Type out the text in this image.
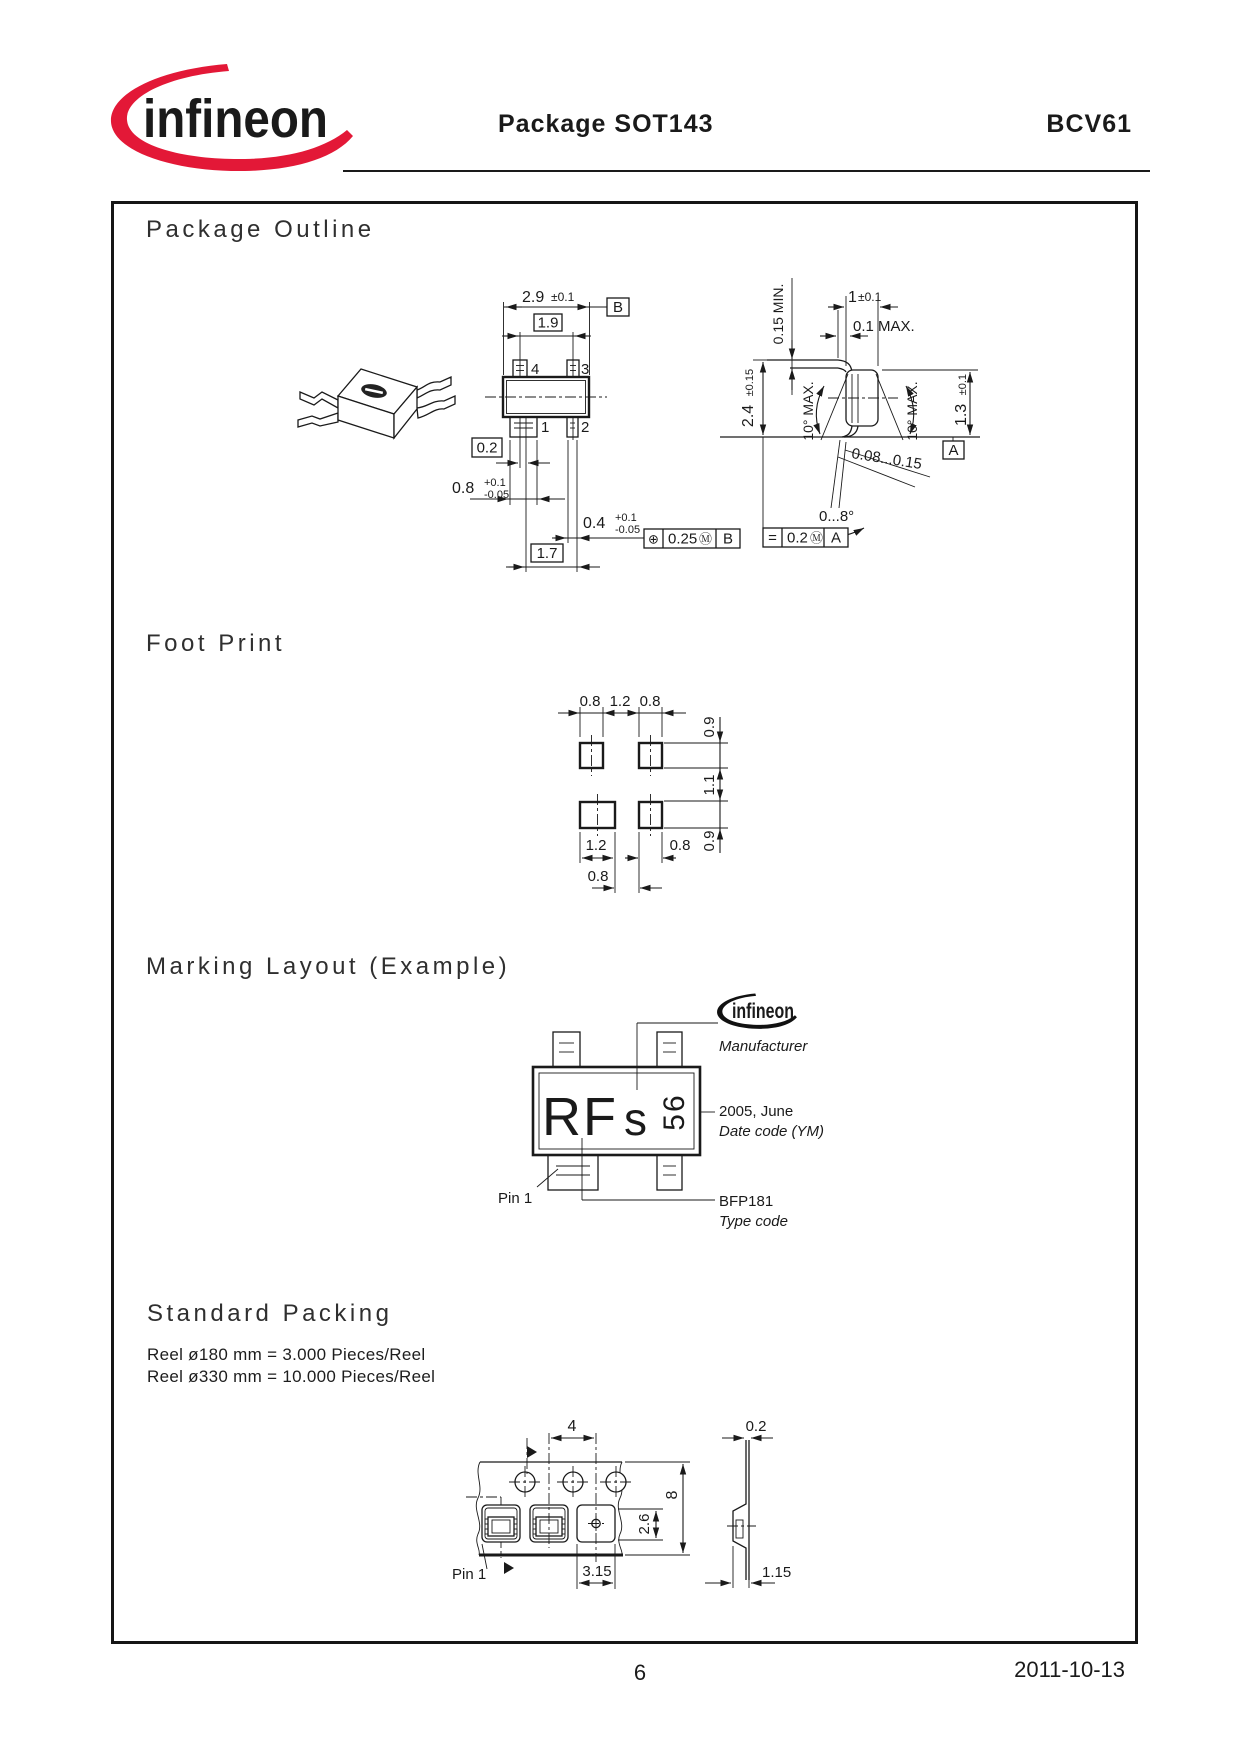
infineon	Package SOT143	BCV61
Package Outline
2.9 ±0.1
B
1.9
4	3
1 2
0.2
0.8 +0.1
-0.05
0.4 +0.1
-0.05
1.7
0.15 MIN.
2.4 ±0.15
1 ±0.1
0.1 MAX.
10° MAX.	10° MAX. 1.3 ±0.1
A
0.08...0.15
0...8°
⊕ 0.25 Ⓜ B = 0.2 Ⓜ A
Foot Print
0.8 1.2 0.8
0.9
1.1
0.9
1.2	0.8
0.8
Marking Layout (Example)
infineon
Manufacturer
RF s 56 2005, June
Date code (YM)
BFP181
Type code
Pin 1
Standard Packing
Reel ø180 mm = 3.000 Pieces/Reel
Reel ø330 mm = 10.000 Pieces/Reel
4
8
2.6
3.15
Pin 1
0.2
1.15
6	2011-10-13
